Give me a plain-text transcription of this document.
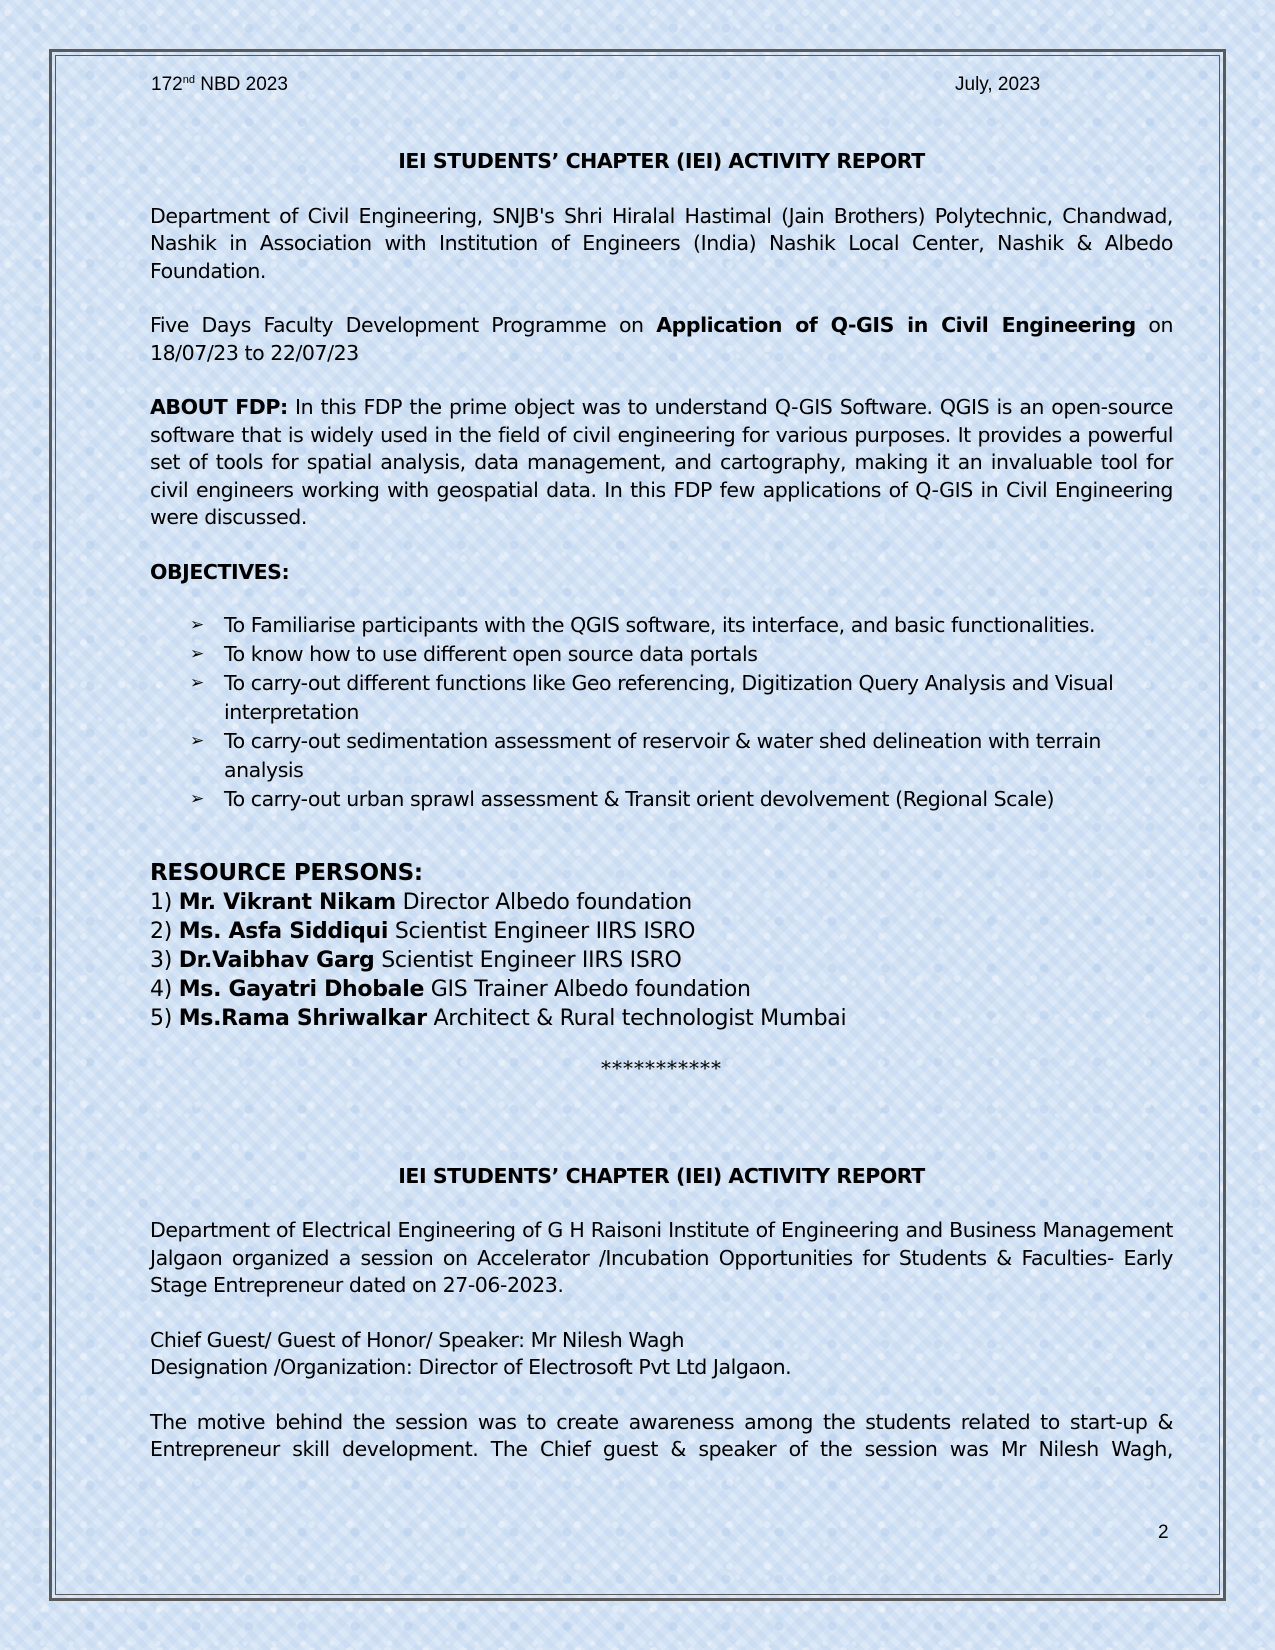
172nd NBD 2023	July, 2023

IEI STUDENTS’ CHAPTER (IEI) ACTIVITY REPORT

Department of Civil Engineering, SNJB's Shri Hiralal Hastimal (Jain Brothers) Polytechnic, Chandwad, Nashik in Association with Institution of Engineers (India) Nashik Local Center, Nashik & Albedo Foundation.

Five Days Faculty Development Programme on Application of Q-GIS in Civil Engineering on 18/07/23 to 22/07/23

ABOUT FDP: In this FDP the prime object was to understand Q-GIS Software. QGIS is an open-source software that is widely used in the field of civil engineering for various purposes. It provides a powerful set of tools for spatial analysis, data management, and cartography, making it an invaluable tool for civil engineers working with geospatial data. In this FDP few applications of Q-GIS in Civil Engineering were discussed.

OBJECTIVES:

➢ To Familiarise participants with the QGIS software, its interface, and basic functionalities.
➢ To know how to use different open source data portals
➢ To carry-out different functions like Geo referencing, Digitization Query Analysis and Visual interpretation
➢ To carry-out sedimentation assessment of reservoir & water shed delineation with terrain analysis
➢ To carry-out urban sprawl assessment & Transit orient devolvement (Regional Scale)

RESOURCE PERSONS:

1) Mr. Vikrant Nikam Director Albedo foundation

2) Ms. Asfa Siddiqui Scientist Engineer IIRS ISRO

3) Dr.Vaibhav Garg Scientist Engineer IIRS ISRO

4) Ms. Gayatri Dhobale GIS Trainer Albedo foundation

5) Ms.Rama Shriwalkar Architect & Rural technologist Mumbai

***********

IEI STUDENTS’ CHAPTER (IEI) ACTIVITY REPORT

Department of Electrical Engineering of G H Raisoni Institute of Engineering and Business Management Jalgaon organized a session on Accelerator /Incubation Opportunities for Students & Faculties- Early Stage Entrepreneur dated on 27-06-2023.

Chief Guest/ Guest of Honor/ Speaker: Mr Nilesh Wagh

Designation /Organization: Director of Electrosoft Pvt Ltd Jalgaon.

The motive behind the session was to create awareness among the students related to start-up & Entrepreneur skill development. The Chief guest & speaker of the session was Mr Nilesh Wagh,

2
